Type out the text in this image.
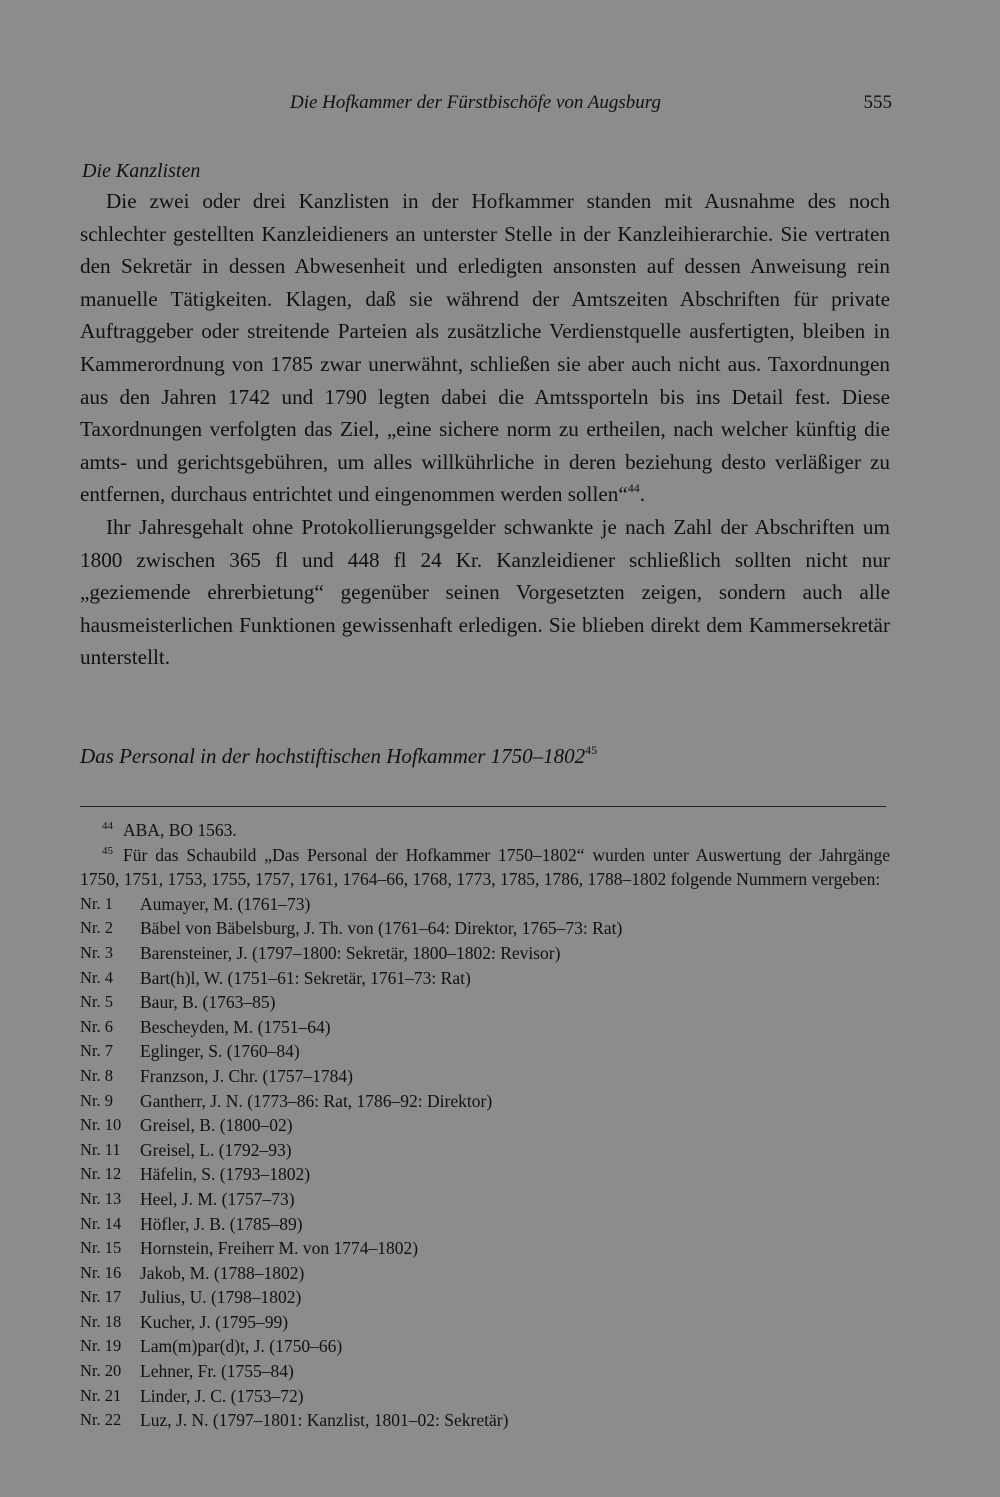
Die Hofkammer der Fürstbischöfe von Augsburg	555
Die Kanzlisten

Die zwei oder drei Kanzlisten in der Hofkammer standen mit Ausnahme des noch schlechter gestellten Kanzleidieners an unterster Stelle in der Kanzleihierarchie. Sie vertraten den Sekretär in dessen Abwesenheit und erledigten ansonsten auf dessen Anweisung rein manuelle Tätigkeiten. Klagen, daß sie während der Amtszeiten Abschriften für private Auftraggeber oder streitende Parteien als zusätzliche Verdienstquelle ausfertigten, bleiben in Kammerordnung von 1785 zwar unerwähnt, schließen sie aber auch nicht aus. Taxordnungen aus den Jahren 1742 und 1790 legten dabei die Amtssporteln bis ins Detail fest. Diese Taxordnungen verfolgten das Ziel, „eine sichere norm zu ertheilen, nach welcher künftig die amts- und gerichtsgebühren, um alles willkührliche in deren beziehung desto verläßiger zu entfernen, durchaus entrichtet und eingenommen werden sollen“$^{44}$.

Ihr Jahresgehalt ohne Protokollierungsgelder schwankte je nach Zahl der Abschriften um 1800 zwischen 365 fl und 448 fl 24 Kr. Kanzleidiener schließlich sollten nicht nur „geziemende ehrerbietung“ gegenüber seinen Vorgesetzten zeigen, sondern auch alle hausmeisterlichen Funktionen gewissenhaft erledigen. Sie blieben direkt dem Kammersekretär unterstellt.

Das Personal in der hochstiftischen Hofkammer 1750–1802$^{45}$

$^{44}$ ABA, BO 1563.

$^{45}$ Für das Schaubild „Das Personal der Hofkammer 1750–1802“ wurden unter Auswertung der Jahrgänge 1750, 1751, 1753, 1755, 1757, 1761, 1764–66, 1768, 1773, 1785, 1786, 1788–1802 folgende Nummern vergeben:

Nr. 1	Aumayer, M. (1761–73)
Nr. 2	Bäbel von Bäbelsburg, J. Th. von (1761–64: Direktor, 1765–73: Rat)
Nr. 3	Barensteiner, J. (1797–1800: Sekretär, 1800–1802: Revisor)
Nr. 4	Bart(h)l, W. (1751–61: Sekretär, 1761–73: Rat)
Nr. 5	Baur, B. (1763–85)
Nr. 6	Bescheyden, M. (1751–64)
Nr. 7	Eglinger, S. (1760–84)
Nr. 8	Franzson, J. Chr. (1757–1784)
Nr. 9	Gantherr, J. N. (1773–86: Rat, 1786–92: Direktor)
Nr. 10	Greisel, B. (1800–02)
Nr. 11	Greisel, L. (1792–93)
Nr. 12	Häfelin, S. (1793–1802)
Nr. 13	Heel, J. M. (1757–73)
Nr. 14	Höfler, J. B. (1785–89)
Nr. 15	Hornstein, Freiherr M. von 1774–1802)
Nr. 16	Jakob, M. (1788–1802)
Nr. 17	Julius, U. (1798–1802)
Nr. 18	Kucher, J. (1795–99)
Nr. 19	Lam(m)par(d)t, J. (1750–66)
Nr. 20	Lehner, Fr. (1755–84)
Nr. 21	Linder, J. C. (1753–72)
Nr. 22	Luz, J. N. (1797–1801: Kanzlist, 1801–02: Sekretär)
